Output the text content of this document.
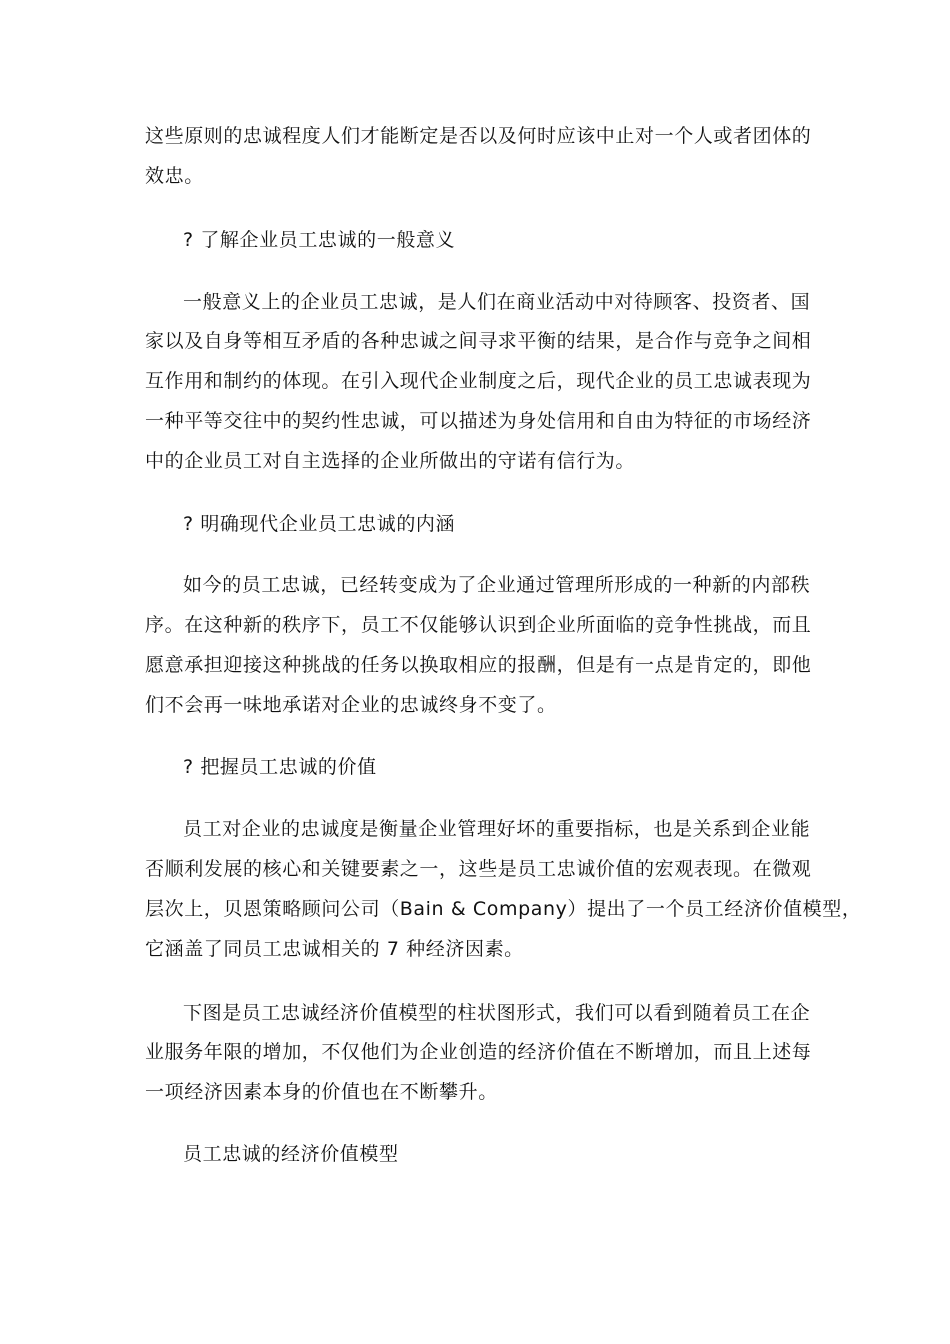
这些原则的忠诚程度人们才能断定是否以及何时应该中止对一个人或者团体的
效忠。
? 了解企业员工忠诚的一般意义
一般意义上的企业员工忠诚，是人们在商业活动中对待顾客、投资者、国
家以及自身等相互矛盾的各种忠诚之间寻求平衡的结果，是合作与竞争之间相
互作用和制约的体现。在引入现代企业制度之后，现代企业的员工忠诚表现为
一种平等交往中的契约性忠诚，可以描述为身处信用和自由为特征的市场经济
中的企业员工对自主选择的企业所做出的守诺有信行为。
? 明确现代企业员工忠诚的内涵
如今的员工忠诚，已经转变成为了企业通过管理所形成的一种新的内部秩
序。在这种新的秩序下，员工不仅能够认识到企业所面临的竞争性挑战，而且
愿意承担迎接这种挑战的任务以换取相应的报酬，但是有一点是肯定的，即他
们不会再一味地承诺对企业的忠诚终身不变了。
? 把握员工忠诚的价值
员工对企业的忠诚度是衡量企业管理好坏的重要指标，也是关系到企业能
否顺利发展的核心和关键要素之一，这些是员工忠诚价值的宏观表现。在微观
层次上，贝恩策略顾问公司（Bain & Company）提出了一个员工经济价值模型，
它涵盖了同员工忠诚相关的 7 种经济因素。
下图是员工忠诚经济价值模型的柱状图形式，我们可以看到随着员工在企
业服务年限的增加，不仅他们为企业创造的经济价值在不断增加，而且上述每
一项经济因素本身的价值也在不断攀升。
员工忠诚的经济价值模型
